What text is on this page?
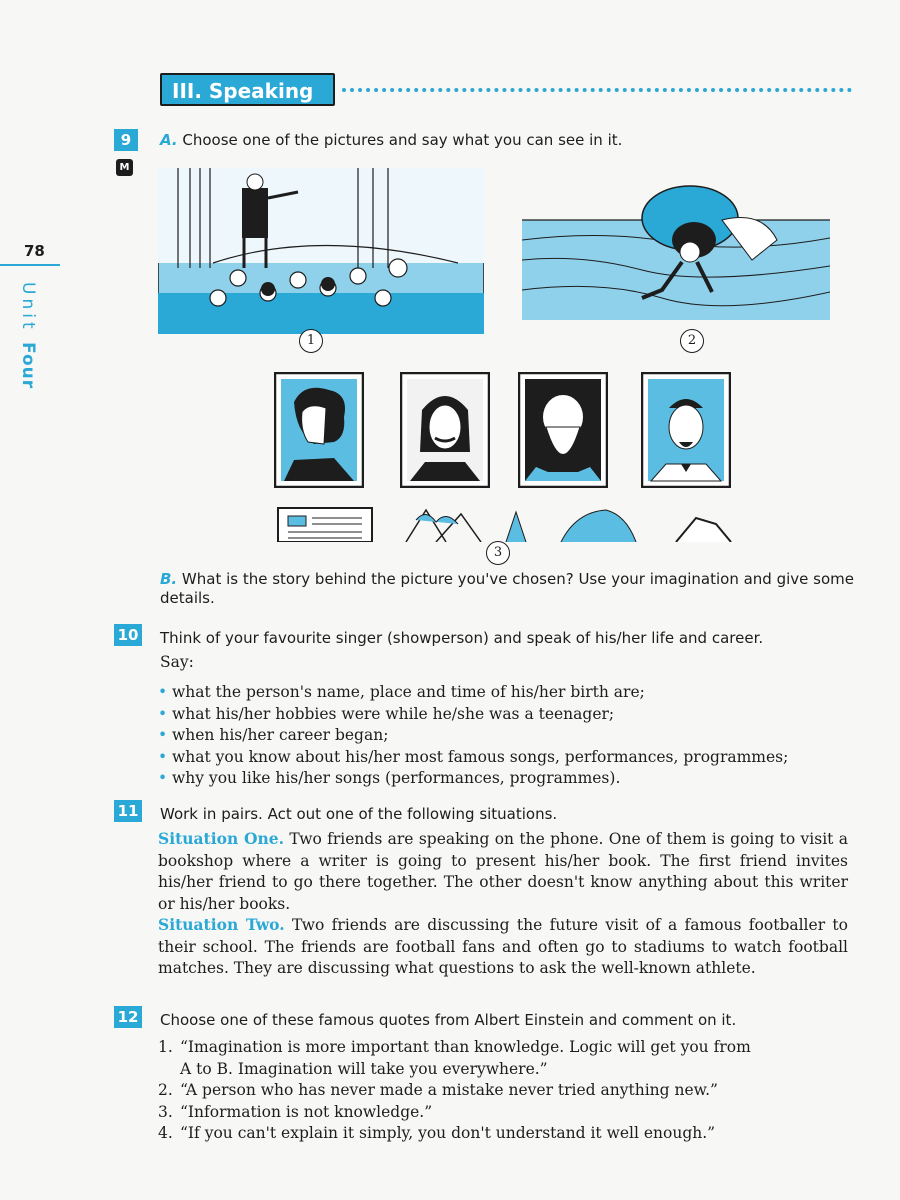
78
Unit Four
III. Speaking
9
M
A. Choose one of the pictures and say what you can see in it.
1	2
3
B. What is the story behind the picture you've chosen? Use your imagination and give some details.
10 Think of your favourite singer (showperson) and speak of his/her life and career.
Say:
• what the person's name, place and time of his/her birth are;
• what his/her hobbies were while he/she was a teenager;
• when his/her career began;
• what you know about his/her most famous songs, performances, programmes;
• why you like his/her songs (performances, programmes).
11 Work in pairs. Act out one of the following situations.
Situation One. Two friends are speaking on the phone. One of them is going to visit a bookshop where a writer is going to present his/her book. The first friend invites his/her friend to go there together. The other doesn't know anything about this writer or his/her books.
Situation Two. Two friends are discussing the future visit of a famous footballer to their school. The friends are football fans and often go to stadiums to watch football matches. They are discussing what questions to ask the well-known athlete.
12 Choose one of these famous quotes from Albert Einstein and comment on it.
1. “Imagination is more important than knowledge. Logic will get you from
A to B. Imagination will take you everywhere.”
2. “A person who has never made a mistake never tried anything new.”
3. “Information is not knowledge.”
4. “If you can't explain it simply, you don't understand it well enough.”
